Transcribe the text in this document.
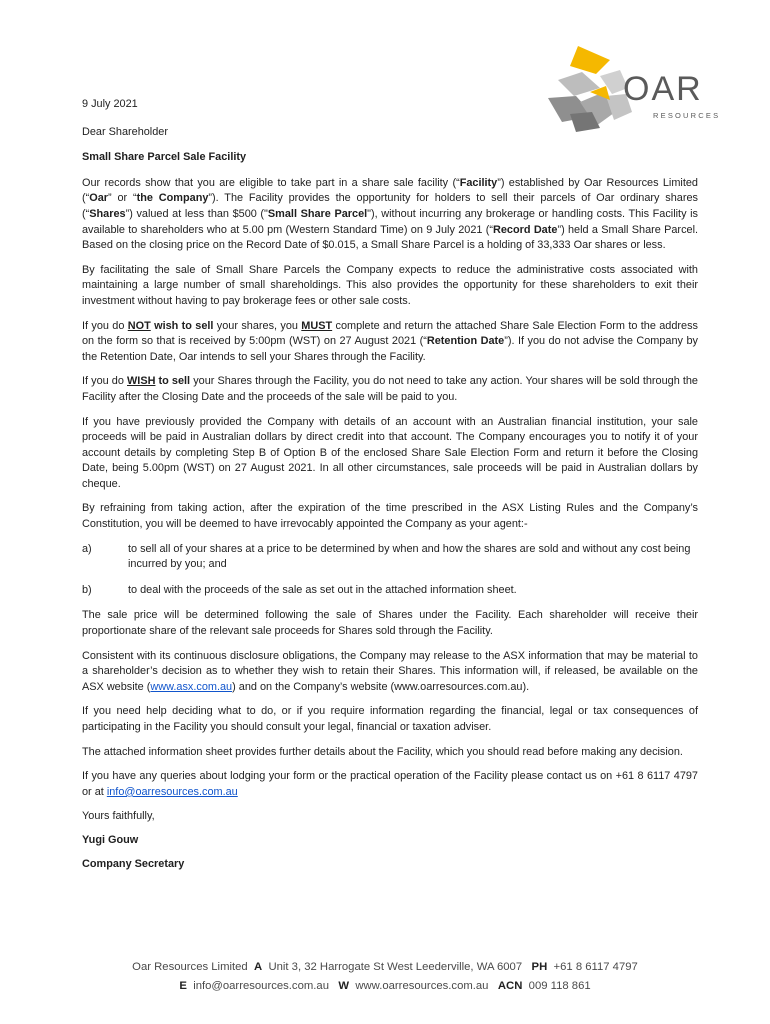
OAR
RESOURCES

9 July 2021

Dear Shareholder

Small Share Parcel Sale Facility

Our records show that you are eligible to take part in a share sale facility (“Facility”) established by Oar Resources Limited (“Oar” or “the Company”). The Facility provides the opportunity for holders to sell their parcels of Oar ordinary shares (“Shares”) valued at less than $500 ("Small Share Parcel"), without incurring any brokerage or handling costs. This Facility is available to shareholders who at 5.00 pm (Western Standard Time) on 9 July 2021 (“Record Date”) held a Small Share Parcel. Based on the closing price on the Record Date of $0.015, a Small Share Parcel is a holding of 33,333 Oar shares or less.

By facilitating the sale of Small Share Parcels the Company expects to reduce the administrative costs associated with maintaining a large number of small shareholdings. This also provides the opportunity for these shareholders to exit their investment without having to pay brokerage fees or other sale costs.

If you do NOT wish to sell your shares, you MUST complete and return the attached Share Sale Election Form to the address on the form so that is received by 5:00pm (WST) on 27 August 2021 (“Retention Date”). If you do not advise the Company by the Retention Date, Oar intends to sell your Shares through the Facility.

If you do WISH to sell your Shares through the Facility, you do not need to take any action. Your shares will be sold through the Facility after the Closing Date and the proceeds of the sale will be paid to you.

If you have previously provided the Company with details of an account with an Australian financial institution, your sale proceeds will be paid in Australian dollars by direct credit into that account. The Company encourages you to notify it of your account details by completing Step B of Option B of the enclosed Share Sale Election Form and return it before the Closing Date, being 5.00pm (WST) on 27 August 2021. In all other circumstances, sale proceeds will be paid in Australian dollars by cheque.

By refraining from taking action, after the expiration of the time prescribed in the ASX Listing Rules and the Company’s Constitution, you will be deemed to have irrevocably appointed the Company as your agent:-

a)	to sell all of your shares at a price to be determined by when and how the shares are sold and without any cost being incurred by you; and
b)	to deal with the proceeds of the sale as set out in the attached information sheet.

The sale price will be determined following the sale of Shares under the Facility. Each shareholder will receive their proportionate share of the relevant sale proceeds for Shares sold through the Facility.

Consistent with its continuous disclosure obligations, the Company may release to the ASX information that may be material to a shareholder’s decision as to whether they wish to retain their Shares. This information will, if released, be available on the ASX website (www.asx.com.au) and on the Company’s website (www.oarresources.com.au).

If you need help deciding what to do, or if you require information regarding the financial, legal or tax consequences of participating in the Facility you should consult your legal, financial or taxation adviser.

The attached information sheet provides further details about the Facility, which you should read before making any decision.

If you have any queries about lodging your form or the practical operation of the Facility please contact us on +61 8 6117 4797 or at info@oarresources.com.au

Yours faithfully,

Yugi Gouw

Company Secretary

Oar Resources Limited A Unit 3, 32 Harrogate St West Leederville, WA 6007 PH +61 8 6117 4797
E info@oarresources.com.au W www.oarresources.com.au ACN 009 118 861
